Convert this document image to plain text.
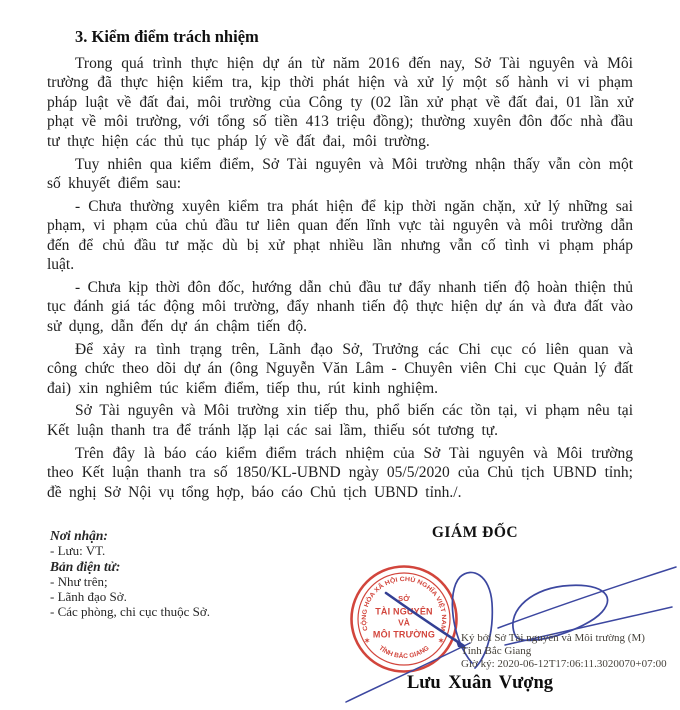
3. Kiểm điểm trách nhiệm

Trong quá trình thực hiện dự án từ năm 2016 đến nay, Sở Tài nguyên và Môi trường đã thực hiện kiểm tra, kịp thời phát hiện và xử lý một số hành vi vi phạm pháp luật về đất đai, môi trường của Công ty (02 lần xử phạt về đất đai, 01 lần xử phạt về môi trường, với tổng số tiền 413 triệu đồng); thường xuyên đôn đốc nhà đầu tư thực hiện các thủ tục pháp lý về đất đai, môi trường.

Tuy nhiên qua kiểm điểm, Sở Tài nguyên và Môi trường nhận thấy vẫn còn một số khuyết điểm sau:

- Chưa thường xuyên kiểm tra phát hiện để kịp thời ngăn chặn, xử lý những sai phạm, vi phạm của chủ đầu tư liên quan đến lĩnh vực tài nguyên và môi trường dẫn đến để chủ đầu tư mặc dù bị xử phạt nhiều lần nhưng vẫn cố tình vi phạm pháp luật.

- Chưa kịp thời đôn đốc, hướng dẫn chủ đầu tư đẩy nhanh tiến độ hoàn thiện thủ tục đánh giá tác động môi trường, đẩy nhanh tiến độ thực hiện dự án và đưa đất vào sử dụng, dẫn đến dự án chậm tiến độ.

Để xảy ra tình trạng trên, Lãnh đạo Sở, Trưởng các Chi cục có liên quan và công chức theo dõi dự án (ông Nguyễn Văn Lâm - Chuyên viên Chi cục Quản lý đất đai) xin nghiêm túc kiểm điểm, tiếp thu, rút kinh nghiệm.

Sở Tài nguyên và Môi trường xin tiếp thu, phổ biến các tồn tại, vi phạm nêu tại Kết luận thanh tra để tránh lặp lại các sai lầm, thiếu sót tương tự.

Trên đây là báo cáo kiểm điểm trách nhiệm của Sở Tài nguyên và Môi trường theo Kết luận thanh tra số 1850/KL-UBND ngày 05/5/2020 của Chủ tịch UBND tỉnh; đề nghị Sở Nội vụ tổng hợp, báo cáo Chủ tịch UBND tỉnh./.

Nơi nhận:
- Lưu: VT.
Bản điện tử:
- Như trên;
- Lãnh đạo Sở.
- Các phòng, chi cục thuộc Sở.
GIÁM ĐỐC
CỘNG HÒA XÃ HỘI CHỦ NGHĨA VIỆT NAM
TỈNH BẮC GIANG
✶	✶
SỞ
TÀI NGUYÊN
VÀ
MÔI TRƯỜNG Ký bởi Sở Tài nguyên và Môi trường (M)
Tỉnh Bắc Giang
Giờ ký: 2020-06-12T17:06:11.3020070+07:00
Lưu Xuân Vượng
